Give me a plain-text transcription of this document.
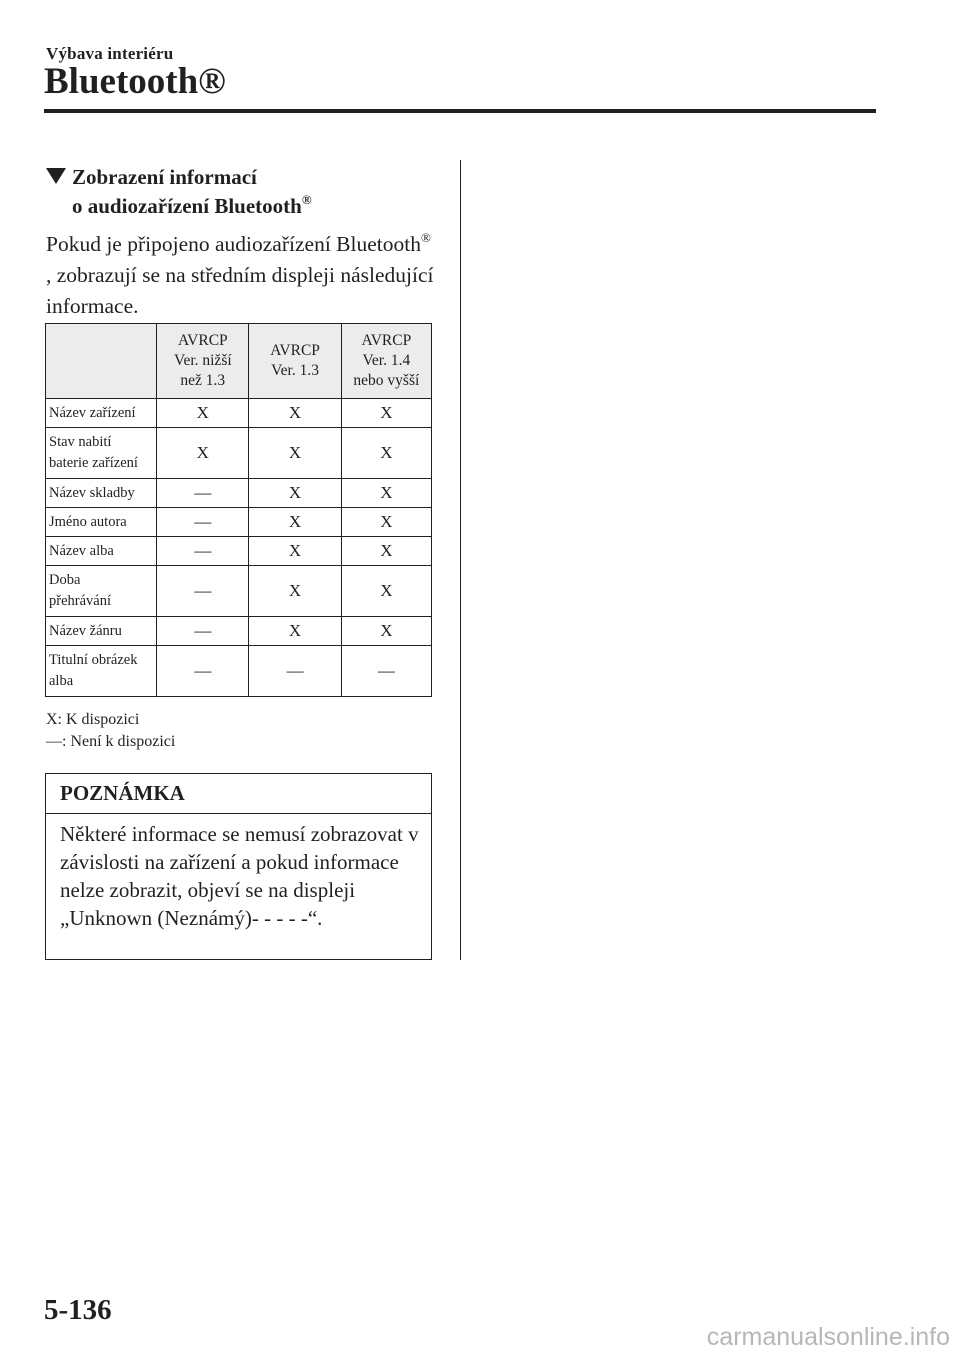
Výbava interiéru
Bluetooth®
Zobrazení informací
o audiozařízení Bluetooth®

Pokud je připojeno audiozařízení Bluetooth® , zobrazují se na středním displeji následující informace.

	AVRCP
Ver. nižší
než 1.3	AVRCP
Ver. 1.3	AVRCP
Ver. 1.4
nebo vyšší
Název zařízení	X	X	X
Stav nabití
baterie zařízení	X	X	X
Název skladby	—	X	X
Jméno autora	—	X	X
Název alba	—	X	X
Doba
přehrávání	—	X	X
Název žánru	—	X	X
Titulní obrázek
alba	—	—	—
X: K dispozici
—: Není k dispozici
POZNÁMKA

Některé informace se nemusí zobrazovat v závislosti na zařízení a pokud informace nelze zobrazit, objeví se na displeji „Unknown (Neznámý)- - - - -“.

5-136
carmanualsonline.info
